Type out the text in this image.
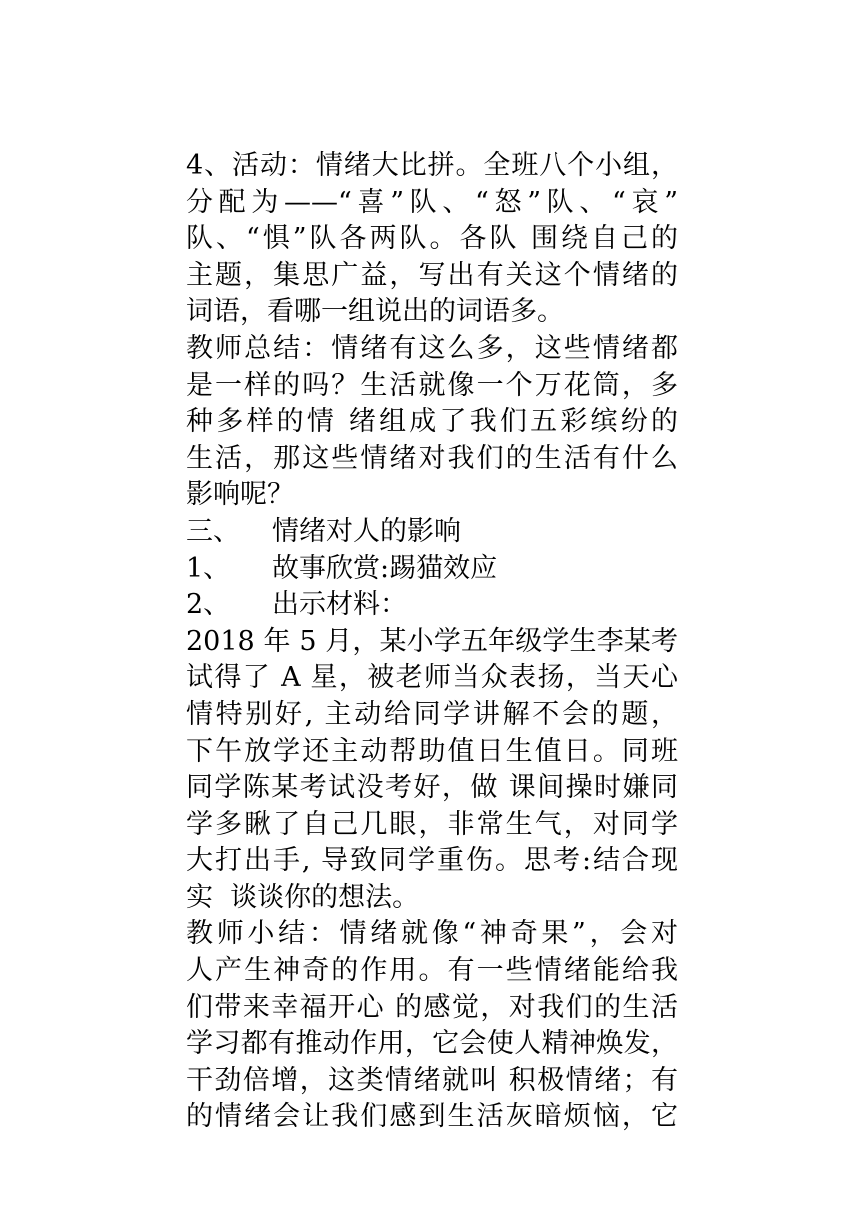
4、活动：情绪大比拼。全班八个小组，
分配为——“喜”队、“怒”队、“哀”
队、“惧”队各两队。各队 围绕自己的
主题，集思广益，写出有关这个情绪的
词语，看哪一组说出的词语多。
教师总结：情绪有这么多，这些情绪都
是一样的吗？生活就像一个万花筒，多
种多样的情 绪组成了我们五彩缤纷的
生活，那这些情绪对我们的生活有什么
影响呢？
三、 情绪对人的影响
1、 故事欣赏:踢猫效应
2、 出示材料：
2018 年 5 月，某小学五年级学生李某考
试得了 A 星，被老师当众表扬，当天心
情特别好, 主动给同学讲解不会的题，
下午放学还主动帮助值日生值日。同班
同学陈某考试没考好，做 课间操时嫌同
学多瞅了自己几眼，非常生气，对同学
大打出手, 导致同学重伤。思考:结合现
实  谈谈你的想法。
教师小结：情绪就像“神奇果”，会对
人产生神奇的作用。有一些情绪能给我
们带来幸福开心 的感觉，对我们的生活
学习都有推动作用，它会使人精神焕发，
干劲倍增，这类情绪就叫 积极情绪；有
的情绪会让我们感到生活灰暗烦恼，它
